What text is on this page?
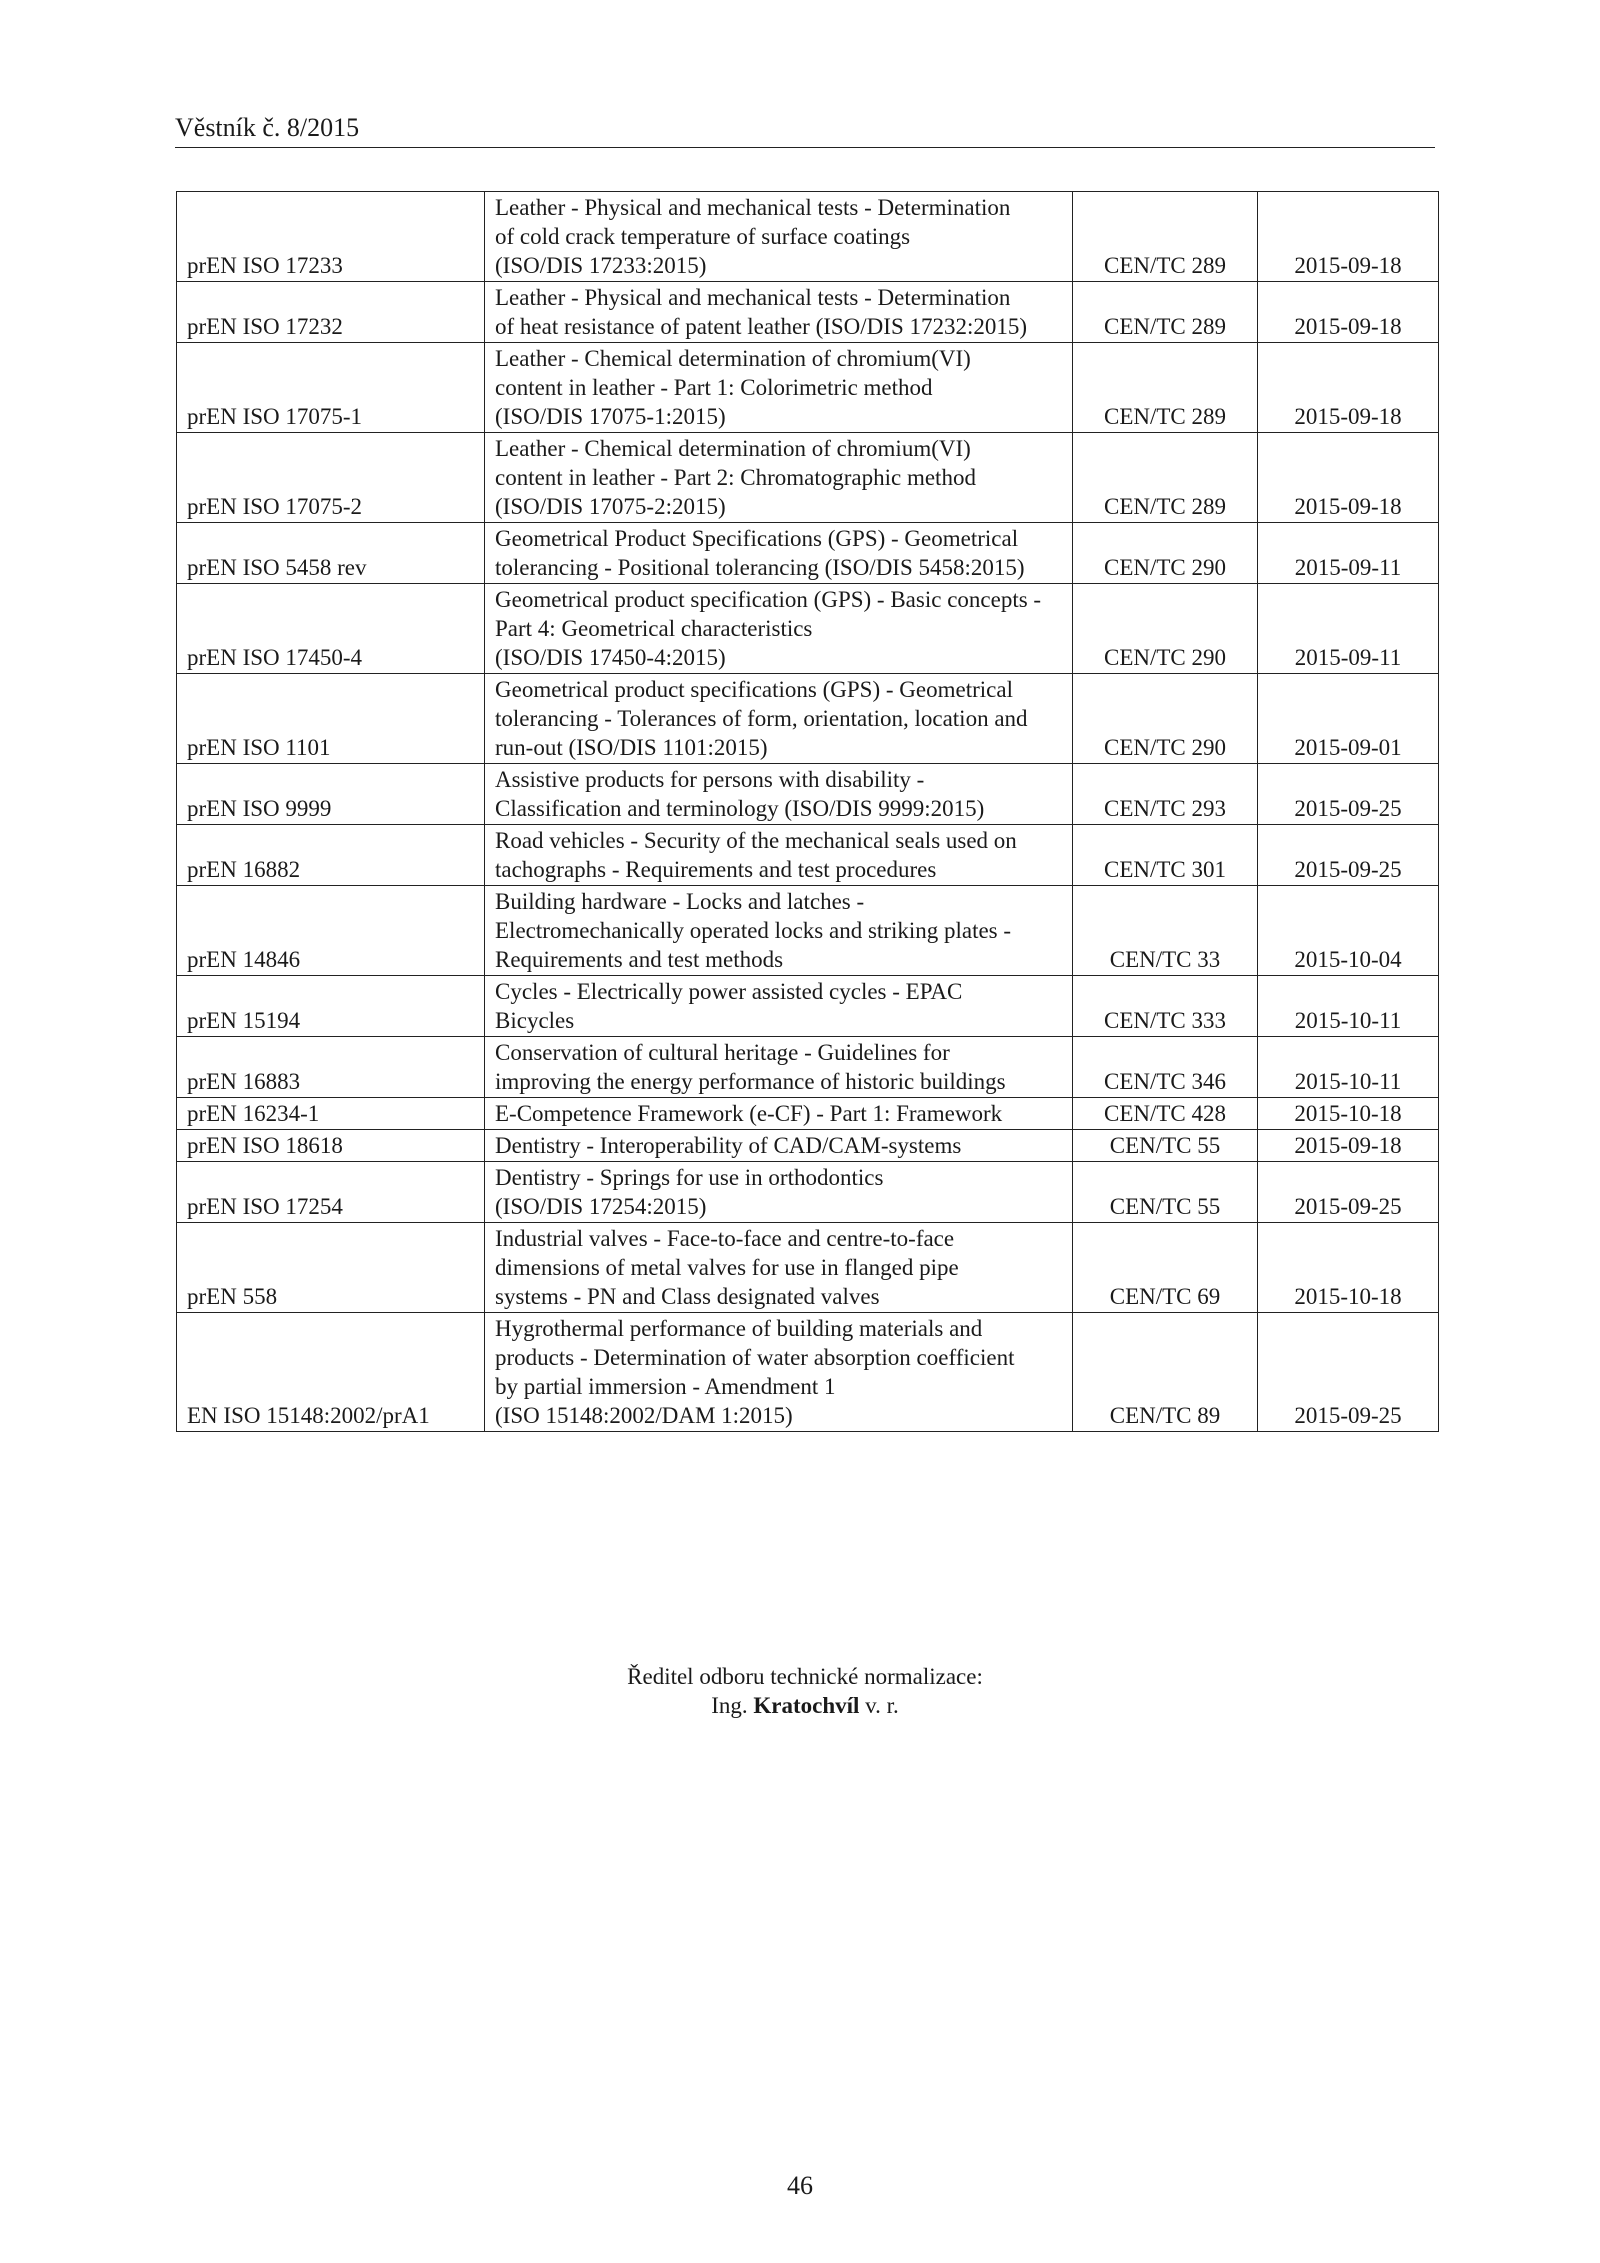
Věstník č. 8/2015
prEN ISO 17233	Leather - Physical and mechanical tests - Determination
of cold crack temperature of surface coatings
(ISO/DIS 17233:2015)	CEN/TC 289	2015-09-18
prEN ISO 17232	Leather - Physical and mechanical tests - Determination
of heat resistance of patent leather (ISO/DIS 17232:2015)	CEN/TC 289	2015-09-18
prEN ISO 17075-1	Leather - Chemical determination of chromium(VI)
content in leather - Part 1: Colorimetric method
(ISO/DIS 17075-1:2015)	CEN/TC 289	2015-09-18
prEN ISO 17075-2	Leather - Chemical determination of chromium(VI)
content in leather - Part 2: Chromatographic method
(ISO/DIS 17075-2:2015)	CEN/TC 289	2015-09-18
prEN ISO 5458 rev	Geometrical Product Specifications (GPS) - Geometrical
tolerancing - Positional tolerancing (ISO/DIS 5458:2015)	CEN/TC 290	2015-09-11
prEN ISO 17450-4	Geometrical product specification (GPS) - Basic concepts -
Part 4: Geometrical characteristics
(ISO/DIS 17450-4:2015)	CEN/TC 290	2015-09-11
prEN ISO 1101	Geometrical product specifications (GPS) - Geometrical
tolerancing - Tolerances of form, orientation, location and
run-out (ISO/DIS 1101:2015)	CEN/TC 290	2015-09-01
prEN ISO 9999	Assistive products for persons with disability -
Classification and terminology (ISO/DIS 9999:2015)	CEN/TC 293	2015-09-25
prEN 16882	Road vehicles - Security of the mechanical seals used on
tachographs - Requirements and test procedures	CEN/TC 301	2015-09-25
prEN 14846	Building hardware - Locks and latches -
Electromechanically operated locks and striking plates -
Requirements and test methods	CEN/TC 33	2015-10-04
prEN 15194	Cycles - Electrically power assisted cycles - EPAC
Bicycles	CEN/TC 333	2015-10-11
prEN 16883	Conservation of cultural heritage - Guidelines for
improving the energy performance of historic buildings	CEN/TC 346	2015-10-11
prEN 16234-1	E-Competence Framework (e-CF) - Part 1: Framework	CEN/TC 428	2015-10-18
prEN ISO 18618	Dentistry - Interoperability of CAD/CAM-systems	CEN/TC 55	2015-09-18
prEN ISO 17254	Dentistry - Springs for use in orthodontics
(ISO/DIS 17254:2015)	CEN/TC 55	2015-09-25
prEN 558	Industrial valves - Face-to-face and centre-to-face
dimensions of metal valves for use in flanged pipe
systems - PN and Class designated valves	CEN/TC 69	2015-10-18
EN ISO 15148:2002/prA1	Hygrothermal performance of building materials and
products - Determination of water absorption coefficient
by partial immersion - Amendment 1
(ISO 15148:2002/DAM 1:2015)	CEN/TC 89	2015-09-25
Ředitel odboru technické normalizace:
Ing. Kratochvíl v. r.
46
